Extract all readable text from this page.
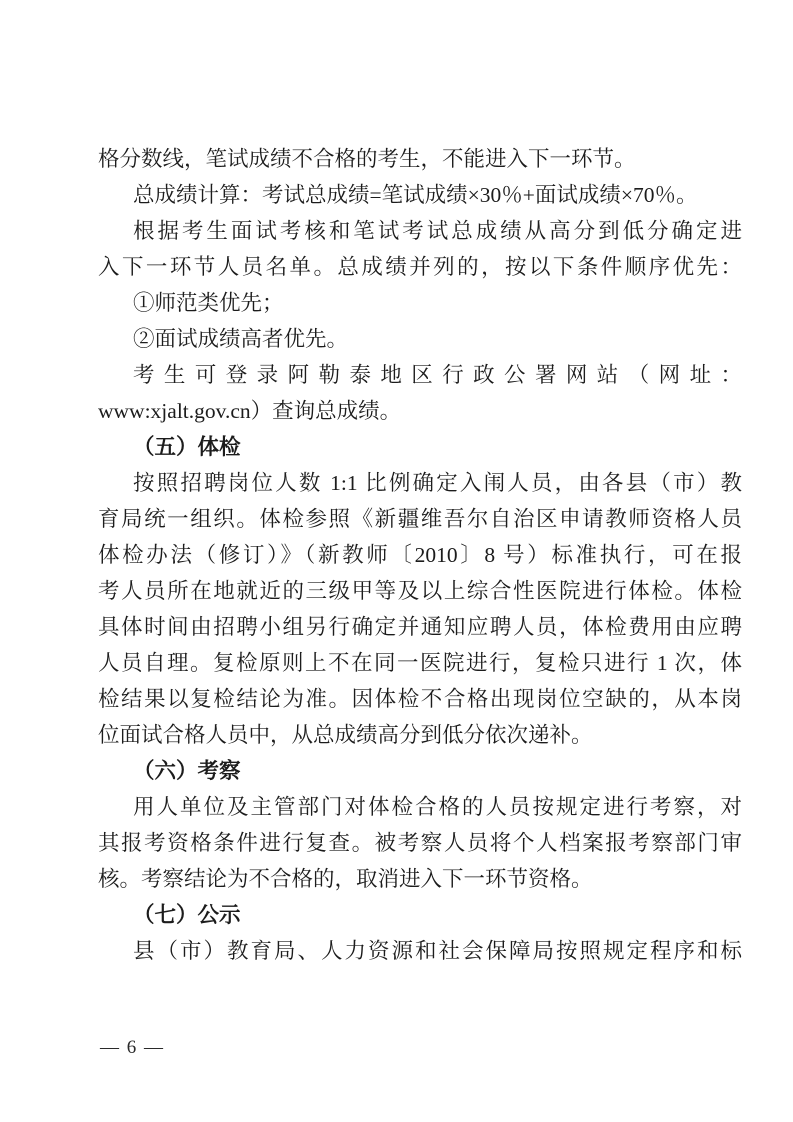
格分数线，笔试成绩不合格的考生，不能进入下一环节。
总成绩计算：考试总成绩=笔试成绩×30％+面试成绩×70％。
根据考生面试考核和笔试考试总成绩从高分到低分确定进
入下一环节人员名单。总成绩并列的，按以下条件顺序优先：
①师范类优先；
②面试成绩高者优先。
考生可登录阿勒泰地区行政公署网站（网址：
www:xjalt.gov.cn）查询总成绩。
（五）体检
按照招聘岗位人数 1:1 比例确定入闱人员，由各县（市）教
育局统一组织。体检参照《新疆维吾尔自治区申请教师资格人员
体检办法（修订）》（新教师〔2010〕8 号）标准执行，可在报
考人员所在地就近的三级甲等及以上综合性医院进行体检。体检
具体时间由招聘小组另行确定并通知应聘人员，体检费用由应聘
人员自理。复检原则上不在同一医院进行，复检只进行 1 次，体
检结果以复检结论为准。因体检不合格出现岗位空缺的，从本岗
位面试合格人员中，从总成绩高分到低分依次递补。
（六）考察
用人单位及主管部门对体检合格的人员按规定进行考察，对
其报考资格条件进行复查。被考察人员将个人档案报考察部门审
核。考察结论为不合格的，取消进入下一环节资格。
（七）公示
县（市）教育局、人力资源和社会保障局按照规定程序和标
— 6 —
